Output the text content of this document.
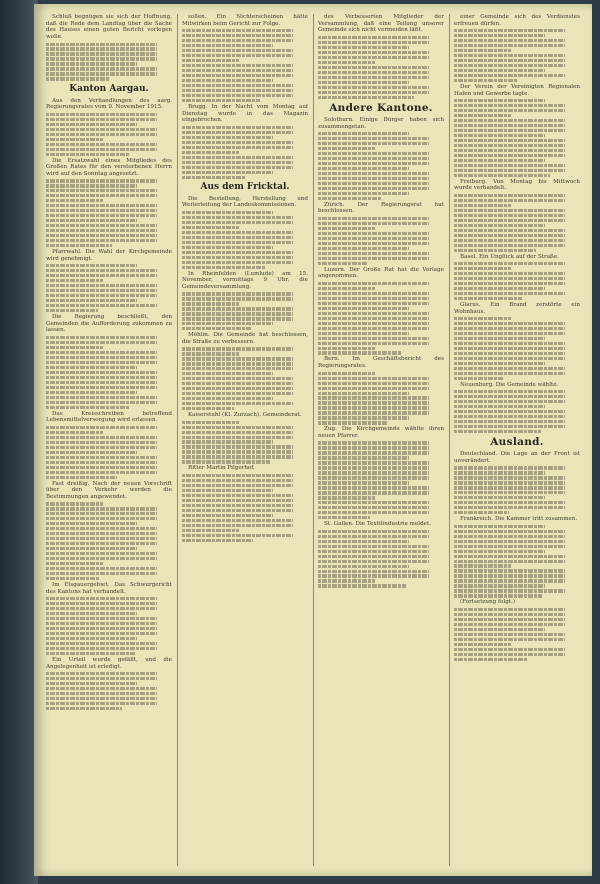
Schluß begnügen sie sich der Hoffnung, daß die Rede dem Landtag über die Sache des Hauses einen guten Bericht vorlegen wolle.

Kanton Aargau.

Aus den Verhandlungen des aarg. Regierungsrates vom 9. November 1915.

Die Ersatzwahl eines Mitgliedes des Großen Rates für den verstorbenen Herrn wird auf den Sonntag angesetzt.

Pfarrwahl. Die Wahl der Kirchgemeinde wird genehmigt.

Die Regierung beschließt, den Gemeinden die Aufforderung zukommen zu lassen.

Das Kreisschreiben betreffend Lebensmittelversorgung wird erlassen.

Fast dreißig. Nach der neuen Vorschrift über den Verkehr werden die Bestimmungen angewendet.

Im Elsgauergebiet. Das Schwurgericht des Kantons hat verhandelt.

Ein Urteil wurde gefällt, und die Angelegenheit ist erledigt.

sollen. Ein Nichterscheinen hätte Mitwirken beim Gericht zur Folge.

Brugg. In der Nacht vom Montag auf Dienstag wurde in das Magazin eingebrochen.

Aus dem Fricktal.

Die Bestellung, Herstellung und Weiterleitung der Landeskommissionen.

In Rheinfelden (Lumlude) am 15. November, vormittags 9 Uhr, die Gemeindeversammlung.

Möhlin. Die Gemeinde hat beschlossen, die Straße zu verbessern.

Kaiserstuhl (Kl. Zurzach). Gemeinderat.

Ritter Martin Pilgerhof.

des Verbesserten Mitglieder der Versammlung, daß eine Teilung unserer Gemeinde sich nicht vermeiden läßt.

Andere Kantone.

Solothurn. Einige Bürger haben sich zusammengetan.

Zürich. Der Regierungsrat hat beschlossen.

Luzern. Der Große Rat hat die Vorlage angenommen.

Bern. Im Geschäftsbericht des Regierungsrates.

Zug. Die Kirchgemeinde wählte ihren neuen Pfarrer.

St. Gallen. Die Textilindustrie meldet.

einer Gemeinde sich des Verdienstes erfreuen dürfen.

Der Verein der Vereinigten Regionalen Hafen und Gewerbe tagte.

Freiburg. Von Montag bis Mittwoch wurde verhandelt.

Basel. Ein Unglück auf der Straße.

Glarus. Ein Brand zerstörte ein Wohnhaus.

Neuenburg. Die Gemeinde wählte.

Ausland.

Deutschland. Die Lage an der Front ist unverändert.

Frankreich. Die Kammer tritt zusammen.

(Fortsetzung folgt.)
